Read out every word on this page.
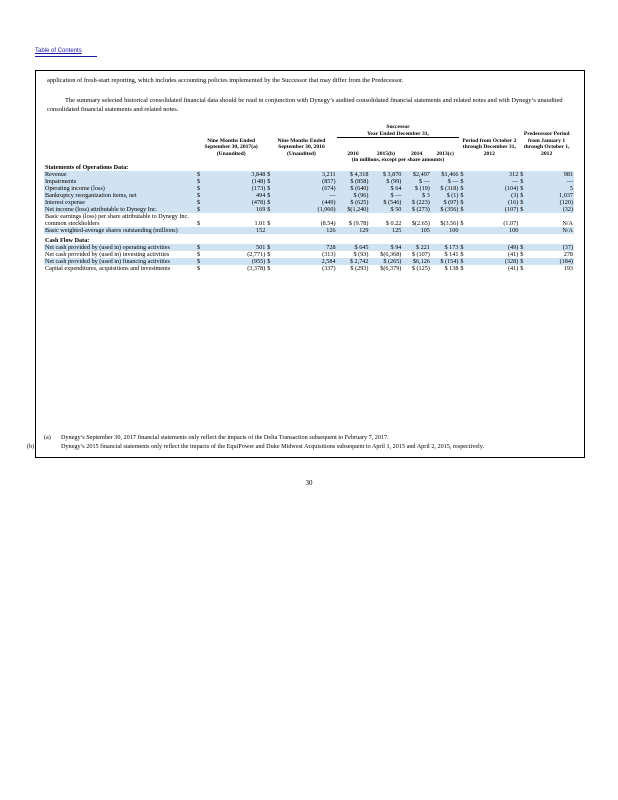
Table of Contents
application of fresh-start reporting, which includes accounting policies implemented by the Successor that may differ from the Predecessor.
The summary selected historical consolidated financial data should be read in conjunction with Dynegy’s audited consolidated financial statements and related notes and with Dynegy’s unaudited consolidated financial statements and related notes.
					Successor
Year Ended December 31,						Predecessor Period from January 1 through October 1, 2012	
	Nine Months Ended September 30, 2017(a) (Unaudited)		Nine Months Ended September 30, 2016 (Unaudited)		2016	2015(b)	2014	2013(c)	Period from October 2 through December 31, 2012			
					(in millions, except per share amounts)							
Statements of Operations Data:												
Revenue	$	3,848	$	3,211	$ 4,318	$ 3,870	$2,497	$1,466	$	312	$	981
Impairments	$	(148)	$	(857)	$ (858)	$ (99)	$ —	$ —	$	—	$	—
Operating income (loss)	$	(173)	$	(674)	$ (640)	$ 64	$ (19)	$ (318)	$	(104)	$	5
Bankruptcy reorganization items, net	$	494	$	—	$ (96)	$ —	$ 3	$ (1)	$	(3)	$	1,037
Interest expense	$	(478)	$	(449)	$ (625)	$ (546)	$ (223)	$ (97)	$	(16)	$	(120)
Net income (loss) attributable to Dynegy Inc.	$	169	$	(1,060)	$(1,240)	$ 50	$ (273)	$ (356)	$	(107)	$	(32)
Basic earnings (loss) per share attributable to Dynegy Inc. common stockholders	$	1.01	$	(8.54)	$ (9.78)	$ 0.22	$(2.65)	$(3.56)	$	(1.07)		N/A
Basic weighted-average shares outstanding (millions)		152		126	129	125	105	100		100		N/A
Cash Flow Data:												
Net cash provided by (used in) operating activities	$	501	$	728	$ 645	$ 94	$ 221	$ 173	$	(49)	$	(37)
Net cash provided by (used in) investing activities	$	(2,771)	$	(313)	$ (93)	$(6,368)	$ (107)	$ 141	$	(41)	$	278
Net cash provided by (used in) financing activities	$	(955)	$	2,584	$ 2,742	$ (265)	$6,126	$ (154)	$	(328)	$	(184)
Capital expenditures, acquisitions and investments	$	(3,378)	$	(337)	$ (293)	$(6,379)	$ (125)	$ 138	$	(41)	$	193
(a) Dynegy’s September 30, 2017 financial statements only reflect the impacts of the Delta Transaction subsequent to February 7, 2017.
(b)	Dynegy’s 2015 financial statements only reflect the impacts of the EquiPower and Duke Midwest Acquisitions subsequent to April 1, 2015 and April 2, 2015, respectively.
30
